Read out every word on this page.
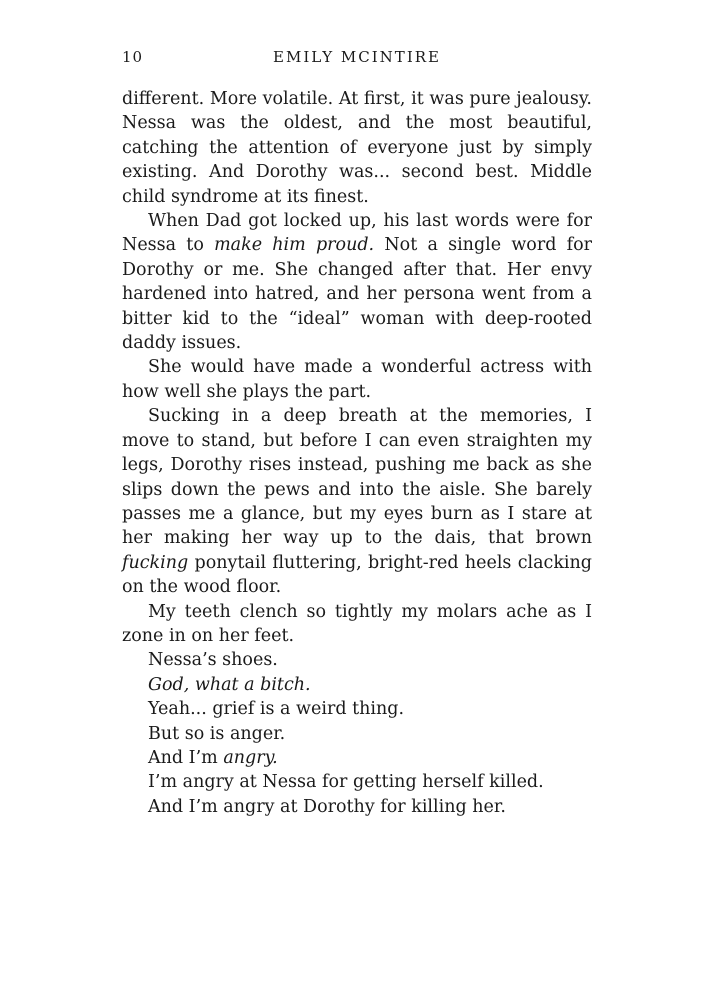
10	EMILY MCINTIRE

different. More volatile. At first, it was pure jealousy. Nessa was the oldest, and the most beautiful, catching the attention of everyone just by simply existing. And Dorothy was... second best. Middle child syndrome at its finest.

When Dad got locked up, his last words were for Nessa to make him proud. Not a single word for Dorothy or me. She changed after that. Her envy hardened into hatred, and her persona went from a bitter kid to the “ideal” woman with deep-rooted daddy issues.

She would have made a wonderful actress with how well she plays the part.

Sucking in a deep breath at the memories, I move to stand, but before I can even straighten my legs, Dorothy rises instead, pushing me back as she slips down the pews and into the aisle. She barely passes me a glance, but my eyes burn as I stare at her making her way up to the dais, that brown fucking ponytail fluttering, bright-red heels clacking on the wood floor.

My teeth clench so tightly my molars ache as I zone in on her feet.

Nessa’s shoes.

God, what a bitch.

Yeah... grief is a weird thing.

But so is anger.

And I’m angry.

I’m angry at Nessa for getting herself killed.

And I’m angry at Dorothy for killing her.
